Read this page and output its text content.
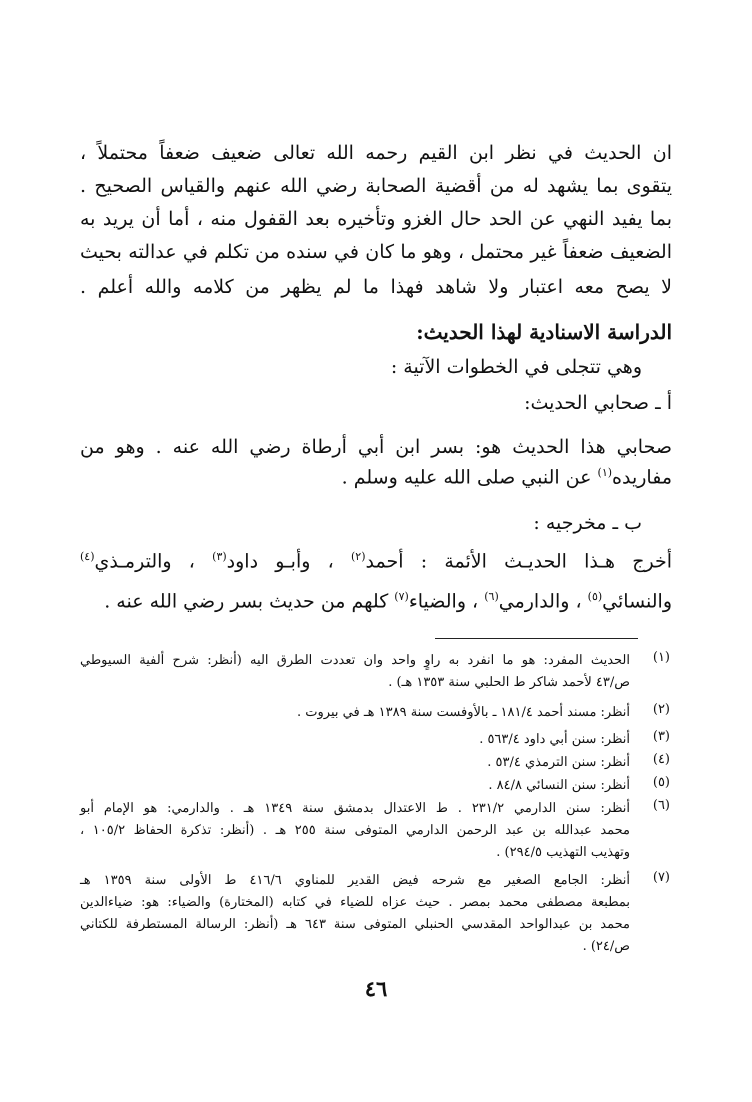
ان الحديث في نظر ابن القيم رحمه الله تعالى ضعيف ضعفاً محتملاً ،
يتقوى بما يشهد له من أقضية الصحابة رضي الله عنهم والقياس الصحيح .
بما يفيد النهي عن الحد حال الغزو وتأخيره بعد القفول منه ، أما أن يريد به
الضعيف ضعفاً غير محتمل ، وهو ما كان في سنده من تكلم في عدالته بحيث
لا يصح معه اعتبار ولا شاهد فهذا ما لم يظهر من كلامه والله أعلم .
الدراسة الاسنادية لهذا الحديث:
وهي تتجلى في الخطوات الآتية :
أ ـ صحابي الحديث:
صحابي هذا الحديث هو: بسر ابن أبي أرطاة رضي الله عنه . وهو من
مفاريده$^{(١)}$ عن النبي صلى الله عليه وسلم .
ب ـ مخرجيه :
أخرج هـذا الحديـث الأئمة : أحمد$^{(٢)}$ ، وأبـو داود$^{(٣)}$ ، والترمـذي$^{(٤)}$
والنسائي$^{(٥)}$ ، والدارمي$^{(٦)}$ ، والضياء$^{(٧)}$ كلهم من حديث بسر رضي الله عنه .
(١)
الحديث المفرد: هو ما انفرد به راوٍ واحد وان تعددت الطرق اليه (أنظر: شرح ألفية السيوطي
ص/٤٣ لأحمد شاكر ط الحلبي سنة ١٣٥٣ هـ) .
(٢)
أنظر: مسند أحمد ١٨١/٤ ـ بالأوفست سنة ١٣٨٩ هـ في بيروت .
(٣)
أنظر: سنن أبي داود ٥٦٣/٤ .
(٤)
أنظر: سنن الترمذي ٥٣/٤ .
(٥)
أنظر: سنن النسائي ٨٤/٨ .
(٦)
أنظر: سنن الدارمي ٢٣١/٢ . ط الاعتدال بدمشق سنة ١٣٤٩ هـ . والدارمي: هو الإمام أبو
محمد عبدالله بن عبد الرحمن الدارمي المتوفى سنة ٢٥٥ هـ . (أنظر: تذكرة الحفاظ ١٠٥/٢ ،
وتهذيب التهذيب ٢٩٤/٥) .
(٧)
أنظر: الجامع الصغير مع شرحه فيض القدير للمناوي ٤١٦/٦ ط الأولى سنة ١٣٥٩ هـ
بمطبعة مصطفى محمد بمصر . حيث عزاه للضياء في كتابه (المختارة) والضياء: هو: ضياءالدين
محمد بن عبدالواحد المقدسي الحنبلي المتوفى سنة ٦٤٣ هـ (أنظر: الرسالة المستطرفة للكتاني
ص/٢٤) .
٤٦
